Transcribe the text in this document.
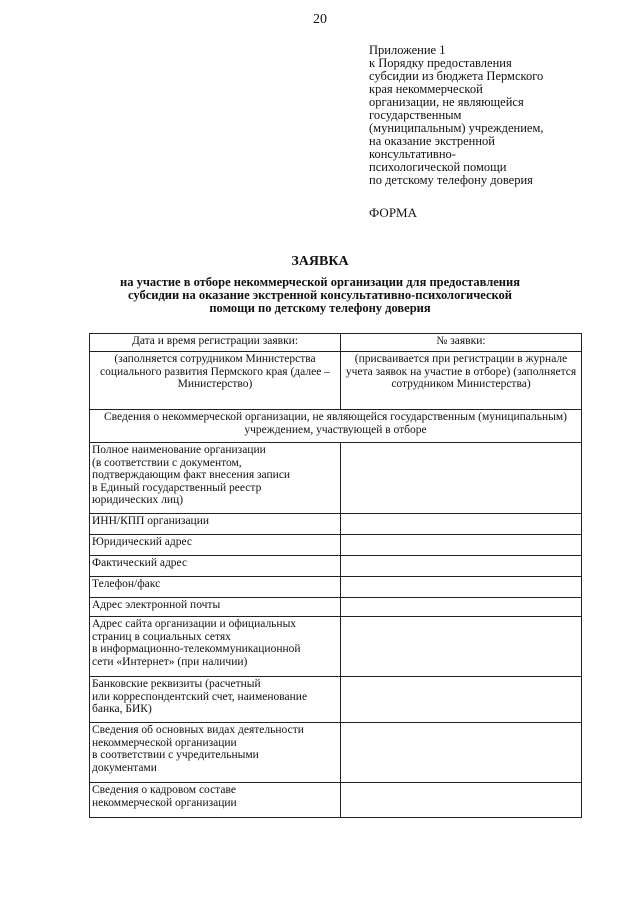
20
Приложение 1
к Порядку предоставления
субсидии из бюджета Пермского
края некоммерческой
организации, не являющейся
государственным
(муниципальным) учреждением,
на оказание экстренной
консультативно-
психологической помощи
по детскому телефону доверия
ФОРМА
ЗАЯВКА
на участие в отборе некоммерческой организации для предоставления
субсидии на оказание экстренной консультативно-психологической
помощи по детскому телефону доверия
Дата и время регистрации заявки:	№ заявки:
(заполняется сотрудником Министерства социального развития Пермского края (далее – Министерство)	(присваивается при регистрации в журнале учета заявок на участие в отборе) (заполняется сотрудником Министерства)
Сведения о некоммерческой организации, не являющейся государственным (муниципальным) учреждением, участвующей в отборе	
Полное наименование организации
(в соответствии с документом,
подтверждающим факт внесения записи
в Единый государственный реестр
юридических лиц)	
ИНН/КПП организации	
Юридический адрес	
Фактический адрес	
Телефон/факс	
Адрес электронной почты	
Адрес сайта организации и официальных
страниц в социальных сетях
в информационно-телекоммуникационной
сети «Интернет» (при наличии)	
Банковские реквизиты (расчетный
или корреспондентский счет, наименование
банка, БИК)	
Сведения об основных видах деятельности
некоммерческой организации
в соответствии с учредительными
документами	
Сведения о кадровом составе
некоммерческой организации	
